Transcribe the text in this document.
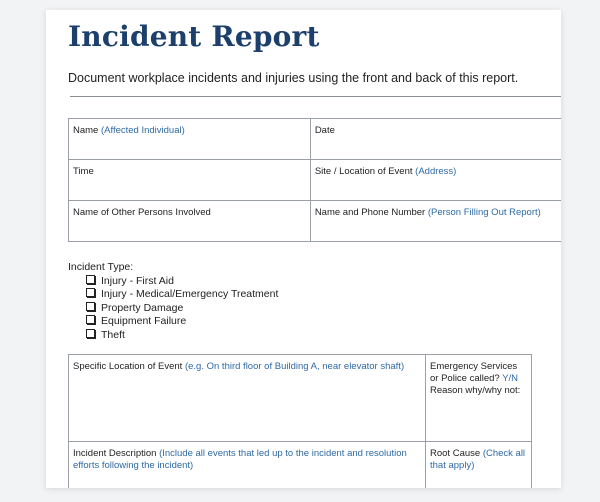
Incident Report
Document workplace incidents and injuries using the front and back of this report.
Name (Affected Individual)	Date
Time	Site / Location of Event (Address)
Name of Other Persons Involved	Name and Phone Number (Person Filling Out Report)
Incident Type:
Injury - First Aid
Injury - Medical/Emergency Treatment
Property Damage
Equipment Failure
Theft
Specific Location of Event (e.g. On third floor of Building A, near elevator shaft)	Emergency Services or Police called? Y/N
Reason why/why not:
Incident Description (Include all events that led up to the incident and resolution efforts following the incident)	Root Cause (Check all that apply)
